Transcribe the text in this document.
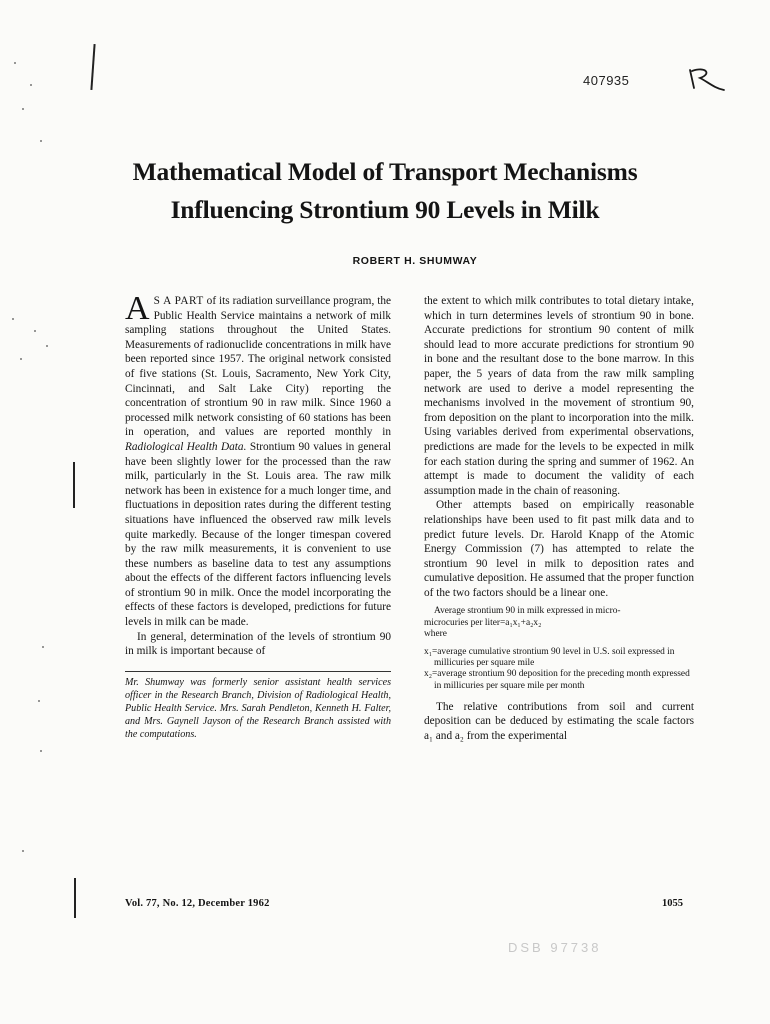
407935
Mathematical Model of Transport Mechanisms
Influencing Strontium 90 Levels in Milk
ROBERT H. SHUMWAY

A S A PART of its radiation surveillance program, the Public Health Service maintains a network of milk sampling stations throughout the United States. Measurements of radionuclide concentrations in milk have been reported since 1957. The original network consisted of five stations (St. Louis, Sacramento, New York City, Cincinnati, and Salt Lake City) reporting the concentration of strontium 90 in raw milk. Since 1960 a processed milk network consisting of 60 stations has been in operation, and values are reported monthly in Radiological Health Data. Strontium 90 values in general have been slightly lower for the processed than the raw milk, particularly in the St. Louis area. The raw milk network has been in existence for a much longer time, and fluctuations in deposition rates during the different testing situations have influenced the observed raw milk levels quite markedly. Because of the longer timespan covered by the raw milk measurements, it is convenient to use these numbers as baseline data to test any assumptions about the effects of the different factors influencing levels of strontium 90 in milk. Once the model incorporating the effects of these factors is developed, predictions for future levels in milk can be made.

In general, determination of the levels of strontium 90 in milk is important because of

Mr. Shumway was formerly senior assistant health services officer in the Research Branch, Division of Radiological Health, Public Health Service. Mrs. Sarah Pendleton, Kenneth H. Falter, and Mrs. Gaynell Jayson of the Research Branch assisted with the computations.

the extent to which milk contributes to total dietary intake, which in turn determines levels of strontium 90 in bone. Accurate predictions for strontium 90 content of milk should lead to more accurate predictions for strontium 90 in bone and the resultant dose to the bone marrow. In this paper, the 5 years of data from the raw milk sampling network are used to derive a model representing the mechanisms involved in the movement of strontium 90, from deposition on the plant to incorporation into the milk. Using variables derived from experimental observations, predictions are made for the levels to be expected in milk for each station during the spring and summer of 1962. An attempt is made to document the validity of each assumption made in the chain of reasoning.

Other attempts based on empirically reasonable relationships have been used to fit past milk data and to predict future levels. Dr. Harold Knapp of the Atomic Energy Commission (7) has attempted to relate the strontium 90 level in milk to deposition rates and cumulative deposition. He assumed that the proper function of the two factors should be a linear one.

Average strontium 90 in milk expressed in micro-
microcuries per liter=a₁x₁+a₂x₂
where
x₁=average cumulative strontium 90 level in U.S. soil expressed in millicuries per square mile
x₂=average strontium 90 deposition for the preceding month expressed in millicuries per square mile per month

The relative contributions from soil and current deposition can be deduced by estimating the scale factors a₁ and a₂ from the experimental

Vol. 77, No. 12, December 1962	1055
DSB 97738
